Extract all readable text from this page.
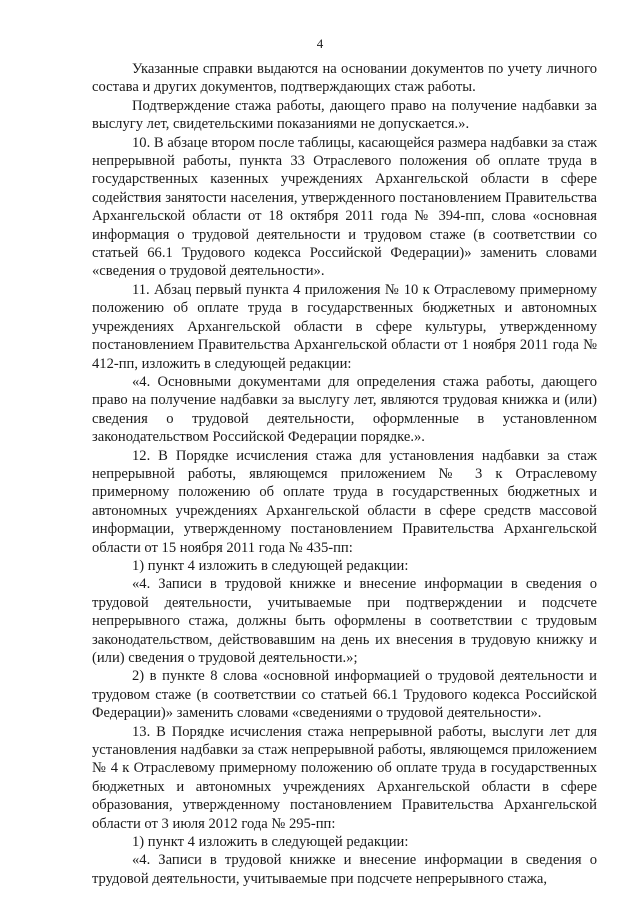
4

Указанные справки выдаются на основании документов по учету личного состава и других документов, подтверждающих стаж работы.

Подтверждение стажа работы, дающего право на получение надбавки за выслугу лет, свидетельскими показаниями не допускается.».

10. В абзаце втором после таблицы, касающейся размера надбавки за стаж непрерывной работы, пункта 33 Отраслевого положения об оплате труда в государственных казенных учреждениях Архангельской области в сфере содействия занятости населения, утвержденного постановлением Правительства Архангельской области от 18 октября 2011 года № 394-пп, слова «основная информация о трудовой деятельности и трудовом стаже (в соответствии со статьей 66.1 Трудового кодекса Российской Федерации)» заменить словами «сведения о трудовой деятельности».

11. Абзац первый пункта 4 приложения № 10 к Отраслевому примерному положению об оплате труда в государственных бюджетных и автономных учреждениях Архангельской области в сфере культуры, утвержденному постановлением Правительства Архангельской области от 1 ноября 2011 года № 412-пп, изложить в следующей редакции:

«4. Основными документами для определения стажа работы, дающего право на получение надбавки за выслугу лет, являются трудовая книжка и (или) сведения о трудовой деятельности, оформленные в установленном законодательством Российской Федерации порядке.».

12. В Порядке исчисления стажа для установления надбавки за стаж непрерывной работы, являющемся приложением № 3 к Отраслевому примерному положению об оплате труда в государственных бюджетных и автономных учреждениях Архангельской области в сфере средств массовой информации, утвержденному постановлением Правительства Архангельской области от 15 ноября 2011 года № 435-пп:

1) пункт 4 изложить в следующей редакции:

«4. Записи в трудовой книжке и внесение информации в сведения о трудовой деятельности, учитываемые при подтверждении и подсчете непрерывного стажа, должны быть оформлены в соответствии с трудовым законодательством, действовавшим на день их внесения в трудовую книжку и (или) сведения о трудовой деятельности.»;

2) в пункте 8 слова «основной информацией о трудовой деятельности и трудовом стаже (в соответствии со статьей 66.1 Трудового кодекса Российской Федерации)» заменить словами «сведениями о трудовой деятельности».

13. В Порядке исчисления стажа непрерывной работы, выслуги лет для установления надбавки за стаж непрерывной работы, являющемся приложением № 4 к Отраслевому примерному положению об оплате труда в государственных бюджетных и автономных учреждениях Архангельской области в сфере образования, утвержденному постановлением Правительства Архангельской области от 3 июля 2012 года № 295-пп:

1) пункт 4 изложить в следующей редакции:

«4. Записи в трудовой книжке и внесение информации в сведения о трудовой деятельности, учитываемые при подсчете непрерывного стажа,
